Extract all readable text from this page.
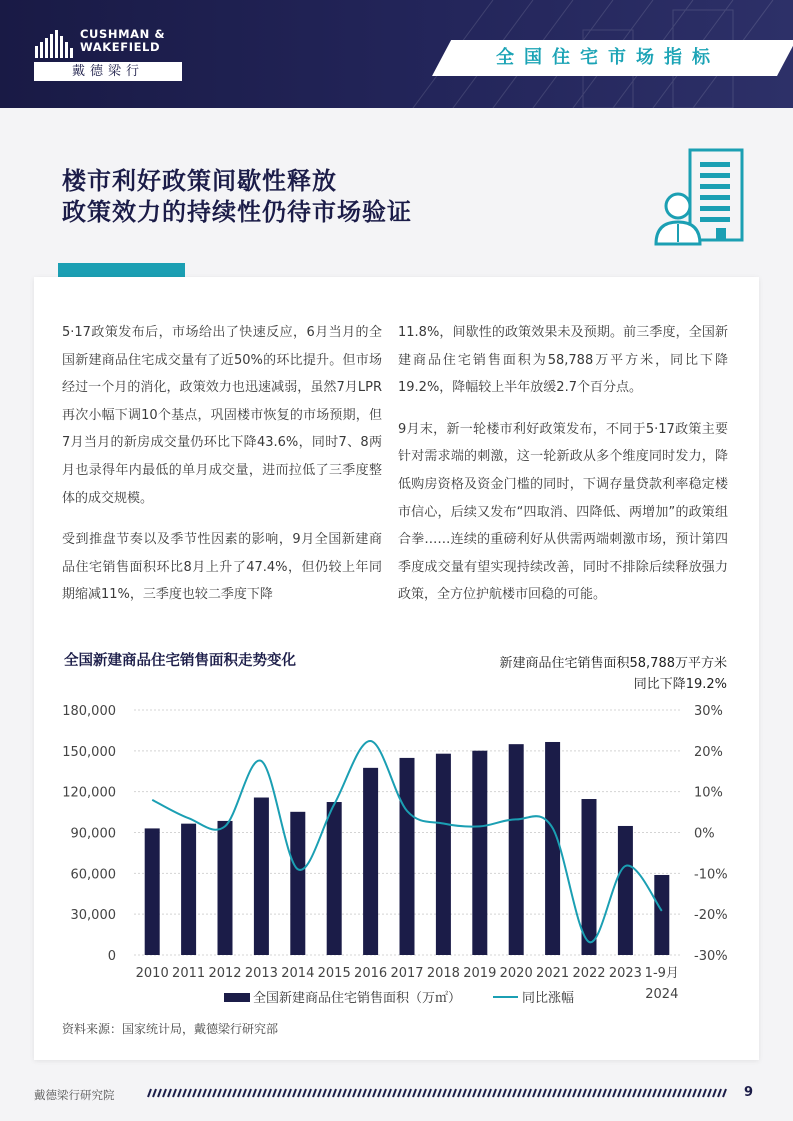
CUSHMAN &
WAKEFIELD
戴德梁行
全国住宅市场指标
楼市利好政策间歇性释放
政策效力的持续性仍待市场验证

5·17政策发布后，市场给出了快速反应，6月当月的全国新建商品住宅成交量有了近50%的环比提升。但市场经过一个月的消化，政策效力也迅速减弱，虽然7月LPR再次小幅下调10个基点，巩固楼市恢复的市场预期，但7月当月的新房成交量仍环比下降43.6%，同时7、8两月也录得年内最低的单月成交量，进而拉低了三季度整体的成交规模。

受到推盘节奏以及季节性因素的影响，9月全国新建商品住宅销售面积环比8月上升了47.4%，但仍较上年同期缩减11%，三季度也较二季度下降

11.8%，间歇性的政策效果未及预期。前三季度，全国新建商品住宅销售面积为58,788万平方米，同比下降19.2%，降幅较上半年放缓2.7个百分点。

9月末，新一轮楼市利好政策发布，不同于5·17政策主要针对需求端的刺激，这一轮新政从多个维度同时发力，降低购房资格及资金门槛的同时，下调存量贷款利率稳定楼市信心，后续又发布“四取消、四降低、两增加”的政策组合拳……连续的重磅利好从供需两端刺激市场，预计第四季度成交量有望实现持续改善，同时不排除后续释放强力政策，全方位护航楼市回稳的可能。

全国新建商品住宅销售面积走势变化	新建商品住宅销售面积58,788万平方米
同比下降19.2%
0	-30%
30,000	-20%
60,000	-10%
90,000	0%
120,000	10%
150,000	20%
180,000	30%
2010 2011 2012 2013 2014 2015 2016 2017 2018 2019 2020 2021 2022 2023 1-9月
2024
全国新建商品住宅销售面积（万㎡）	同比涨幅
资料来源：国家统计局，戴德梁行研究部
戴德梁行研究院	9
